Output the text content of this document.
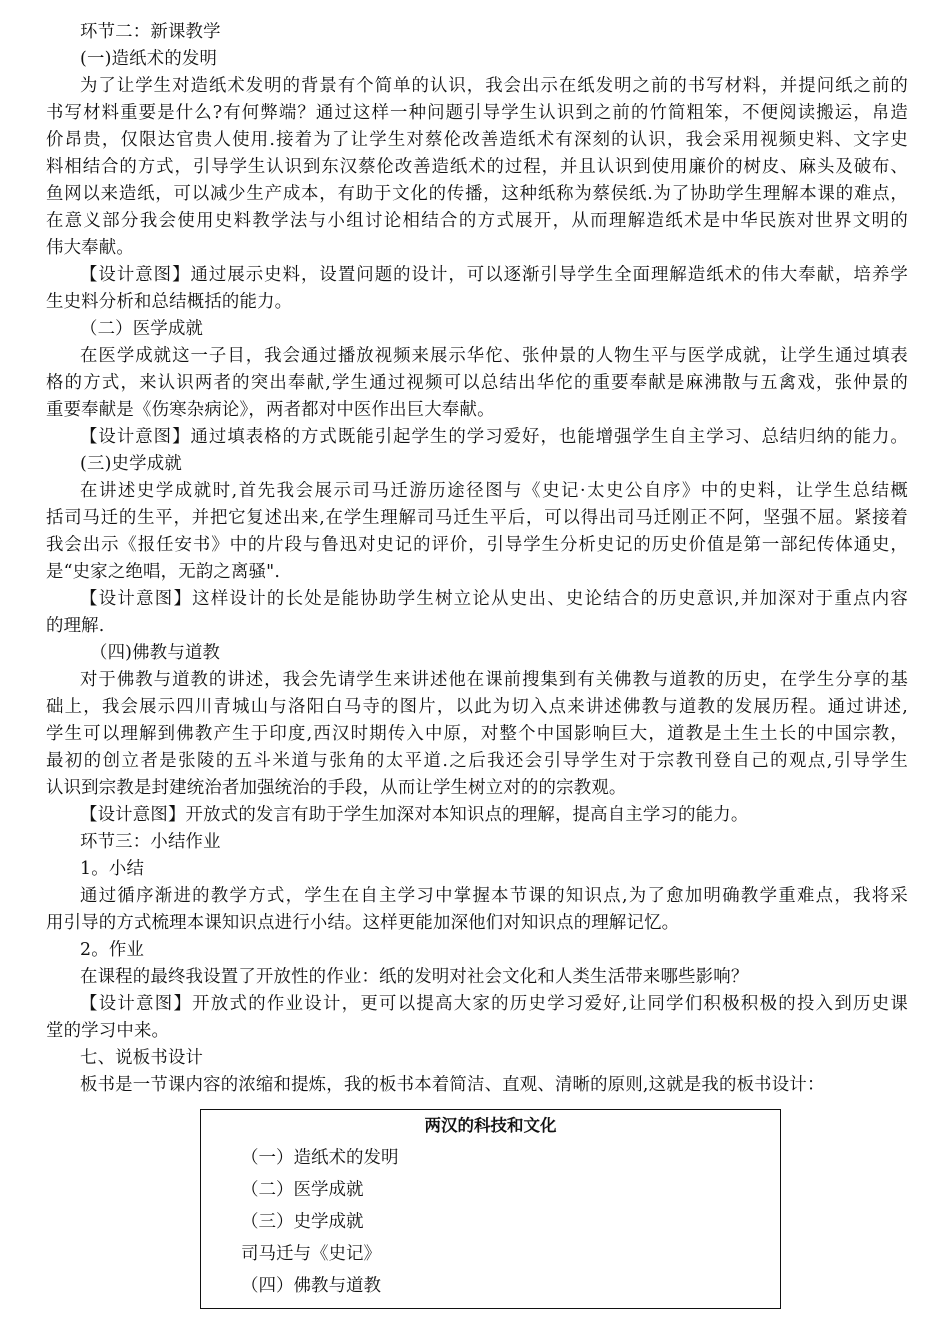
环节二：新课教学
(一)造纸术的发明
为了让学生对造纸术发明的背景有个简单的认识，我会出示在纸发明之前的书写材料，并提问纸之前的
书写材料重要是什么?有何弊端？通过这样一种问题引导学生认识到之前的竹简粗笨，不便阅读搬运，帛造
价昂贵，仅限达官贵人使用.接着为了让学生对蔡伦改善造纸术有深刻的认识，我会采用视频史料、文字史
料相结合的方式，引导学生认识到东汉蔡伦改善造纸术的过程，并且认识到使用廉价的树皮、麻头及破布、
鱼网以来造纸，可以减少生产成本，有助于文化的传播，这种纸称为蔡侯纸.为了协助学生理解本课的难点，
在意义部分我会使用史料教学法与小组讨论相结合的方式展开，从而理解造纸术是中华民族对世界文明的
伟大奉献。
【设计意图】通过展示史料，设置问题的设计，可以逐渐引导学生全面理解造纸术的伟大奉献，培养学
生史料分析和总结概括的能力。
（二）医学成就
在医学成就这一子目，我会通过播放视频来展示华佗、张仲景的人物生平与医学成就，让学生通过填表
格的方式，来认识两者的突出奉献,学生通过视频可以总结出华佗的重要奉献是麻沸散与五禽戏，张仲景的
重要奉献是《伤寒杂病论》，两者都对中医作出巨大奉献。
【设计意图】通过填表格的方式既能引起学生的学习爱好，也能增强学生自主学习、总结归纳的能力。
(三)史学成就
在讲述史学成就时,首先我会展示司马迁游历途径图与《史记·太史公自序》中的史料，让学生总结概
括司马迁的生平，并把它复述出来,在学生理解司马迁生平后，可以得出司马迁刚正不阿，坚强不屈。紧接着
我会出示《报任安书》中的片段与鲁迅对史记的评价，引导学生分析史记的历史价值是第一部纪传体通史，
是“史家之绝唱，无韵之离骚".
【设计意图】这样设计的长处是能协助学生树立论从史出、史论结合的历史意识,并加深对于重点内容
的理解.
（四)佛教与道教
对于佛教与道教的讲述，我会先请学生来讲述他在课前搜集到有关佛教与道教的历史，在学生分享的基
础上，我会展示四川青城山与洛阳白马寺的图片，以此为切入点来讲述佛教与道教的发展历程。通过讲述,
学生可以理解到佛教产生于印度,西汉时期传入中原，对整个中国影响巨大，道教是土生土长的中国宗教，
最初的创立者是张陵的五斗米道与张角的太平道.之后我还会引导学生对于宗教刊登自己的观点,引导学生
认识到宗教是封建统治者加强统治的手段，从而让学生树立对的的宗教观。
【设计意图】开放式的发言有助于学生加深对本知识点的理解，提高自主学习的能力。
环节三：小结作业
1。小结
通过循序渐进的教学方式，学生在自主学习中掌握本节课的知识点,为了愈加明确教学重难点，我将采
用引导的方式梳理本课知识点进行小结。这样更能加深他们对知识点的理解记忆。
2。作业
在课程的最终我设置了开放性的作业：纸的发明对社会文化和人类生活带来哪些影响？
【设计意图】开放式的作业设计，更可以提高大家的历史学习爱好,让同学们积极积极的投入到历史课
堂的学习中来。
七、说板书设计
板书是一节课内容的浓缩和提炼，我的板书本着简洁、直观、清晰的原则,这就是我的板书设计：
两汉的科技和文化
（一）造纸术的发明
（二）医学成就
（三）史学成就
司马迁与《史记》
（四）佛教与道教
